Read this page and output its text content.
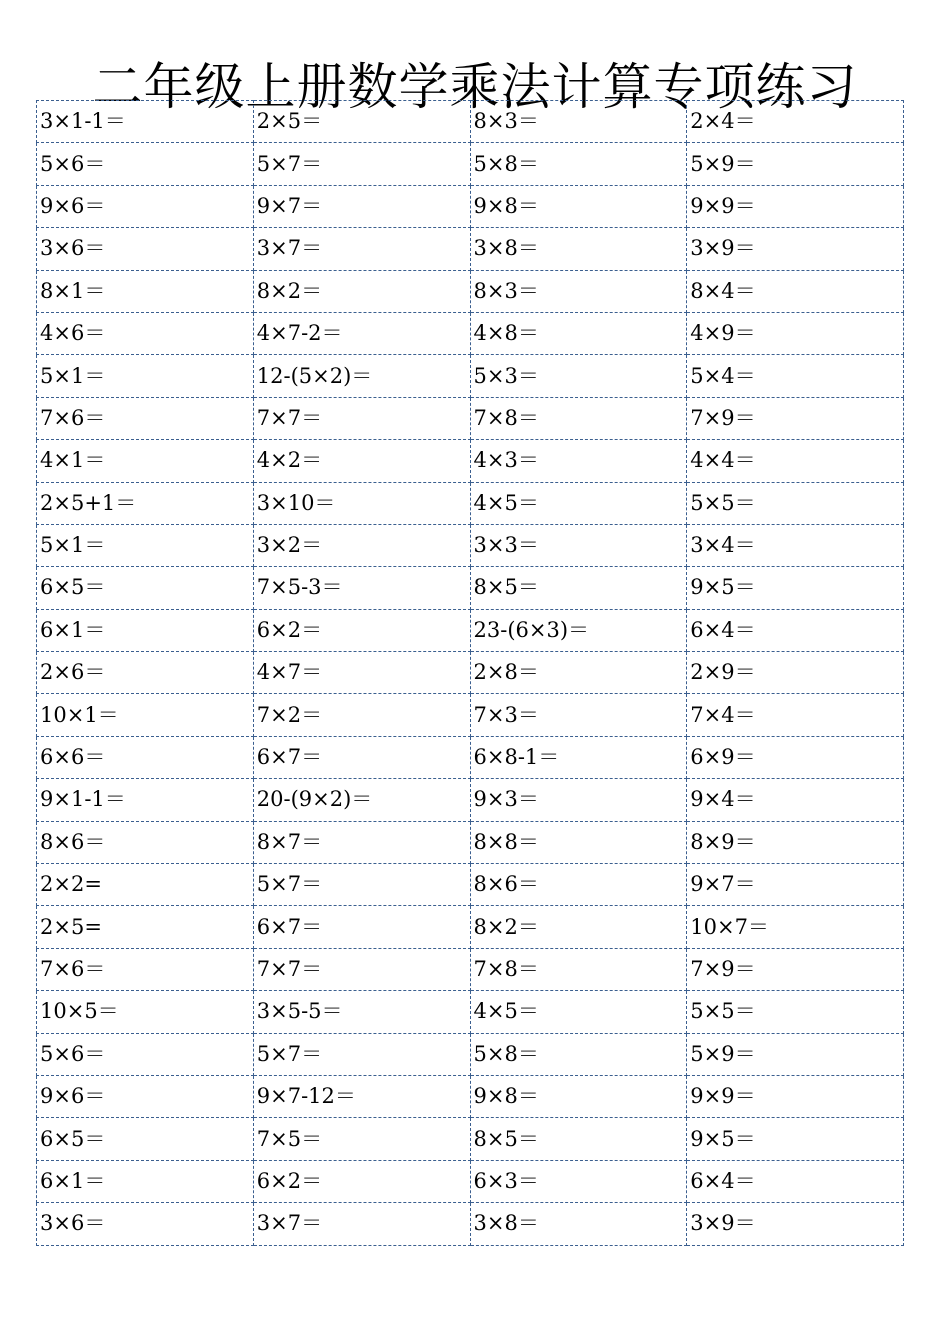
二年级上册数学乘法计算专项练习
3×1-1＝	2×5＝	8×3＝	2×4＝
5×6＝	5×7＝	5×8＝	5×9＝
9×6＝	9×7＝	9×8＝	9×9＝
3×6＝	3×7＝	3×8＝	3×9＝
8×1＝	8×2＝	8×3＝	8×4＝
4×6＝	4×7-2＝	4×8＝	4×9＝
5×1＝	12-(5×2)＝	5×3＝	5×4＝
7×6＝	7×7＝	7×8＝	7×9＝
4×1＝	4×2＝	4×3＝	4×4＝
2×5+1＝	3×10＝	4×5＝	5×5＝
5×1＝	3×2＝	3×3＝	3×4＝
6×5＝	7×5-3＝	8×5＝	9×5＝
6×1＝	6×2＝	23-(6×3)＝	6×4＝
2×6＝	4×7＝	2×8＝	2×9＝
10×1＝	7×2＝	7×3＝	7×4＝
6×6＝	6×7＝	6×8-1＝	6×9＝
9×1-1＝	20-(9×2)＝	9×3＝	9×4＝
8×6＝	8×7＝	8×8＝	8×9＝
2×2=	5×7＝	8×6＝	9×7＝
2×5=	6×7＝	8×2＝	10×7＝
7×6＝	7×7＝	7×8＝	7×9＝
10×5＝	3×5-5＝	4×5＝	5×5＝
5×6＝	5×7＝	5×8＝	5×9＝
9×6＝	9×7-12＝	9×8＝	9×9＝
6×5＝	7×5＝	8×5＝	9×5＝
6×1＝	6×2＝	6×3＝	6×4＝
3×6＝	3×7＝	3×8＝	3×9＝
